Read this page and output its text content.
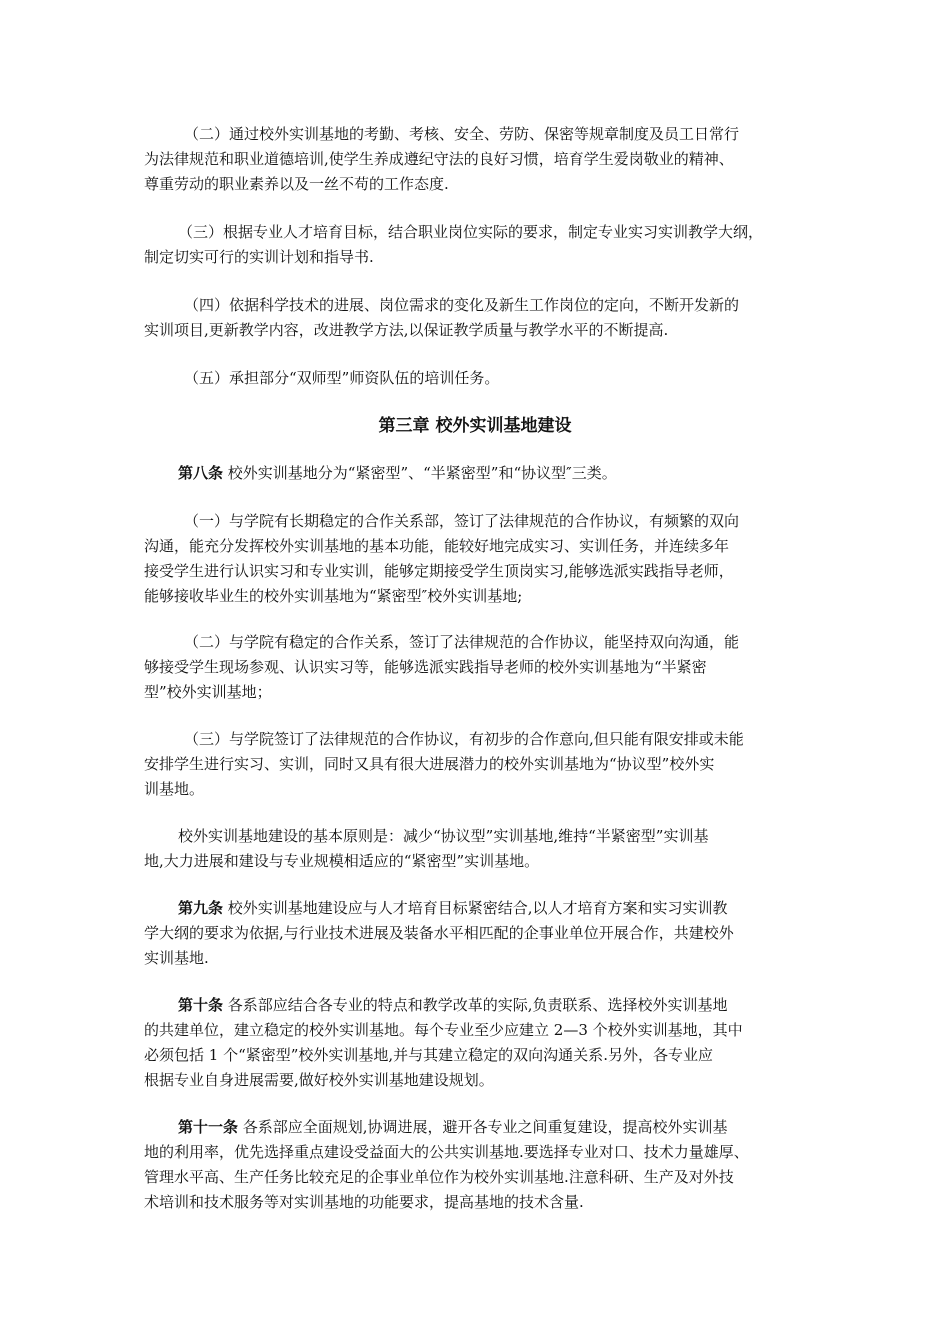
（二）通过校外实训基地的考勤、考核、安全、劳防、保密等规章制度及员工日常行
为法律规范和职业道德培训,使学生养成遵纪守法的良好习惯，培育学生爱岗敬业的精神、
尊重劳动的职业素养以及一丝不苟的工作态度.
（三）根据专业人才培育目标，结合职业岗位实际的要求，制定专业实习实训教学大纲，
制定切实可行的实训计划和指导书.
（四）依据科学技术的进展、岗位需求的变化及新生工作岗位的定向，不断开发新的
实训项目,更新教学内容，改进教学方法,以保证教学质量与教学水平的不断提高.
（五）承担部分“双师型”师资队伍的培训任务。
第三章 校外实训基地建设
第八条 校外实训基地分为“紧密型”、“半紧密型”和“协议型″三类。
（一）与学院有长期稳定的合作关系部，签订了法律规范的合作协议，有频繁的双向
沟通，能充分发挥校外实训基地的基本功能，能较好地完成实习、实训任务，并连续多年
接受学生进行认识实习和专业实训，能够定期接受学生顶岗实习,能够选派实践指导老师，
能够接收毕业生的校外实训基地为“紧密型″校外实训基地;
（二）与学院有稳定的合作关系，签订了法律规范的合作协议，能坚持双向沟通，能
够接受学生现场参观、认识实习等，能够选派实践指导老师的校外实训基地为“半紧密
型”校外实训基地；
（三）与学院签订了法律规范的合作协议，有初步的合作意向,但只能有限安排或未能
安排学生进行实习、实训，同时又具有很大进展潜力的校外实训基地为“协议型”校外实
训基地。
校外实训基地建设的基本原则是：减少“协议型”实训基地,维持“半紧密型”实训基
地,大力进展和建设与专业规模相适应的“紧密型”实训基地。
第九条 校外实训基地建设应与人才培育目标紧密结合,以人才培育方案和实习实训教
学大纲的要求为依据,与行业技术进展及装备水平相匹配的企事业单位开展合作，共建校外
实训基地.
第十条 各系部应结合各专业的特点和教学改革的实际,负责联系、选择校外实训基地
的共建单位，建立稳定的校外实训基地。每个专业至少应建立 2—3 个校外实训基地，其中
必须包括 1 个“紧密型”校外实训基地,并与其建立稳定的双向沟通关系.另外，各专业应
根据专业自身进展需要,做好校外实训基地建设规划。
第十一条 各系部应全面规划,协调进展，避开各专业之间重复建设，提高校外实训基
地的利用率，优先选择重点建设受益面大的公共实训基地.要选择专业对口、技术力量雄厚、
管理水平高、生产任务比较充足的企事业单位作为校外实训基地.注意科研、生产及对外技
术培训和技术服务等对实训基地的功能要求，提高基地的技术含量.
